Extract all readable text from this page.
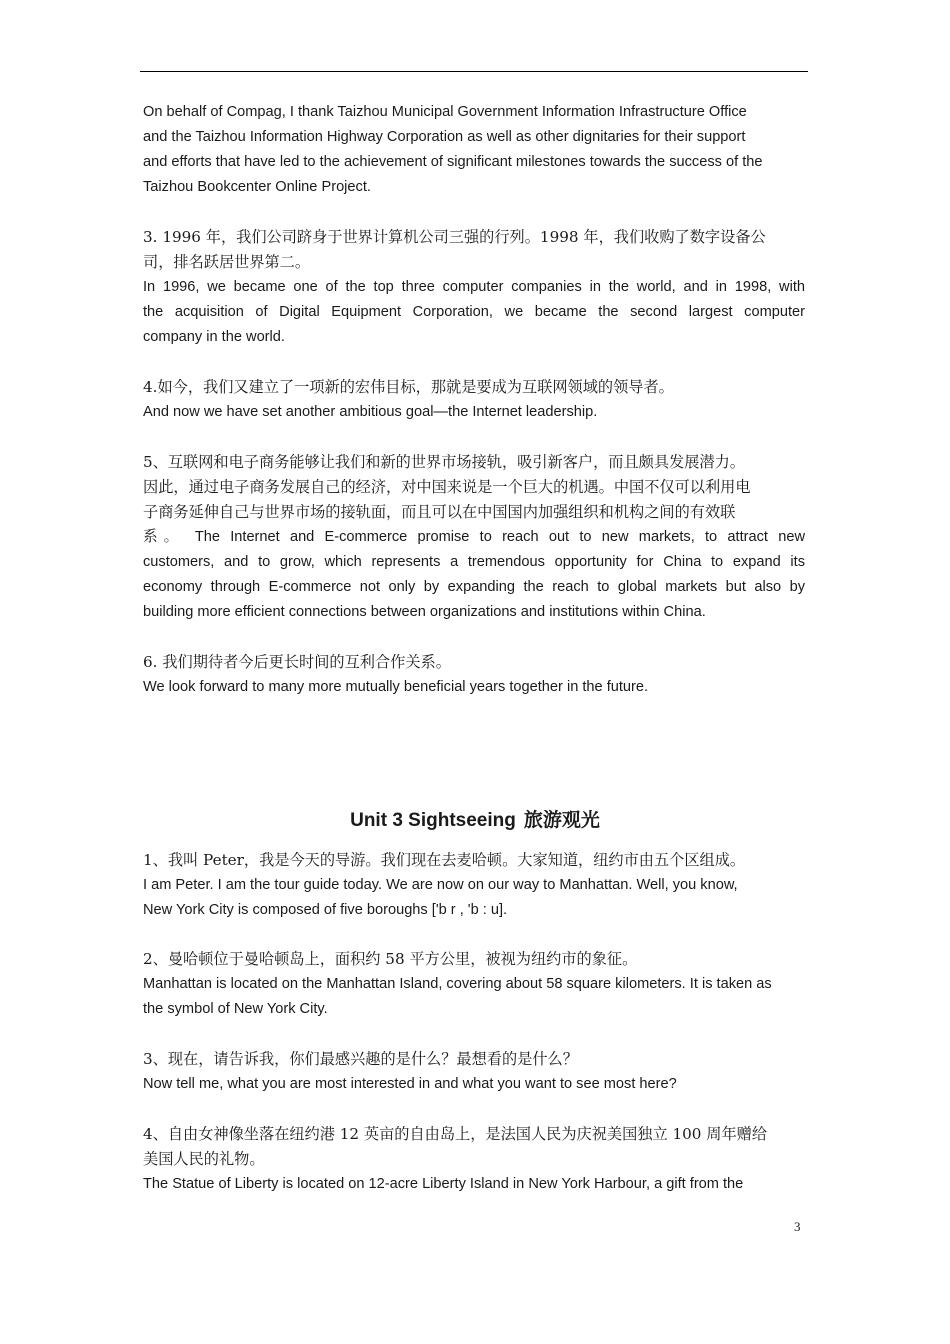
On behalf of Compag, I thank Taizhou Municipal Government Information Infrastructure Office
and the Taizhou Information Highway Corporation as well as other dignitaries for their support
and efforts that have led to the achievement of significant milestones towards the success of the
Taizhou Bookcenter Online Project.
3. 1996 年，我们公司跻身于世界计算机公司三强的行列。1998 年，我们收购了数字设备公
司，排名跃居世界第二。
In 1996, we became one of the top three computer companies in the world, and in 1998, with
the acquisition of Digital Equipment Corporation, we became the second largest computer
company in the world.
4.如今，我们又建立了一项新的宏伟目标，那就是要成为互联网领域的领导者。
And now we have set another ambitious goal—the Internet leadership.
5、互联网和电子商务能够让我们和新的世界市场接轨，吸引新客户，而且颇具发展潜力。
因此，通过电子商务发展自己的经济，对中国来说是一个巨大的机遇。中国不仅可以利用电
子商务延伸自己与世界市场的接轨面，而且可以在中国国内加强组织和机构之间的有效联
系。 The Internet and E-commerce promise to reach out to new markets, to attract new
customers, and to grow, which represents a tremendous opportunity for China to expand its
economy through E-commerce not only by expanding the reach to global markets but also by
building more efficient connections between organizations and institutions within China.
6. 我们期待者今后更长时间的互利合作关系。
We look forward to many more mutually beneficial years together in the future.
Unit 3 Sightseeing 旅游观光
1、我叫 Peter，我是今天的导游。我们现在去麦哈顿。大家知道，纽约市由五个区组成。
I am Peter. I am the tour guide today. We are now on our way to Manhattan. Well, you know,
New York City is composed of five boroughs ['b r , 'b : u].
2、曼哈顿位于曼哈顿岛上，面积约 58 平方公里，被视为纽约市的象征。
Manhattan is located on the Manhattan Island, covering about 58 square kilometers. It is taken as
the symbol of New York City.
3、现在，请告诉我，你们最感兴趣的是什么？最想看的是什么？
Now tell me, what you are most interested in and what you want to see most here?
4、自由女神像坐落在纽约港 12 英亩的自由岛上，是法国人民为庆祝美国独立 100 周年赠给
美国人民的礼物。
The Statue of Liberty is located on 12-acre Liberty Island in New York Harbour, a gift from the
3
